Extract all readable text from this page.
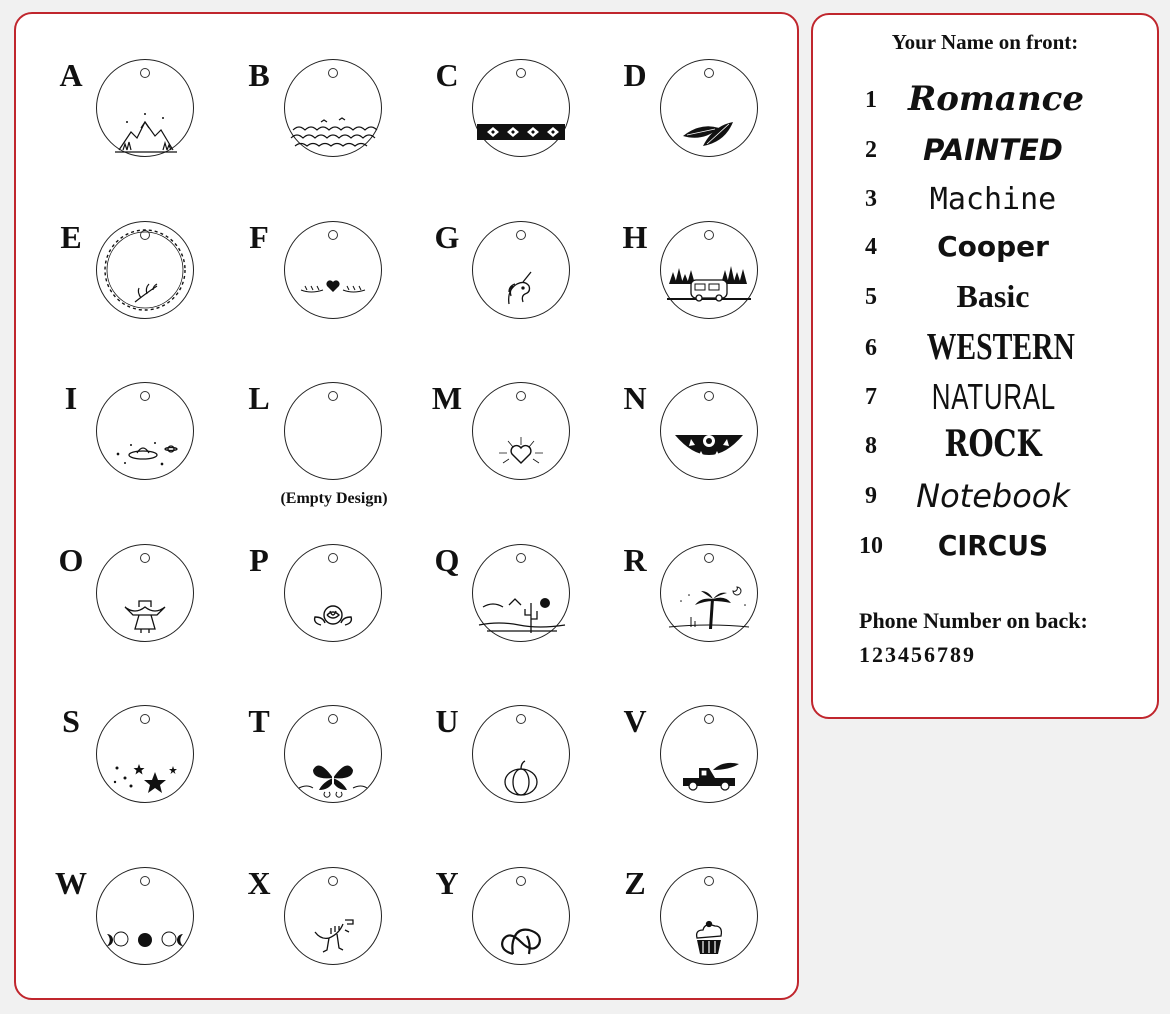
A	B	C	D
E	F	G	H
I	L
(Empty Design)
M	N
O	P	Q	R
S	T	U	V
W	X	Y	Z
Your Name on front:
1 Romance
2	PAINTED
3	Machine
4	Cooper
5	Basic
6	WESTERN
7	NATURAL
8	ROCK
9	Notebook
10	CIRCUS
Phone Number on back:
123456789
